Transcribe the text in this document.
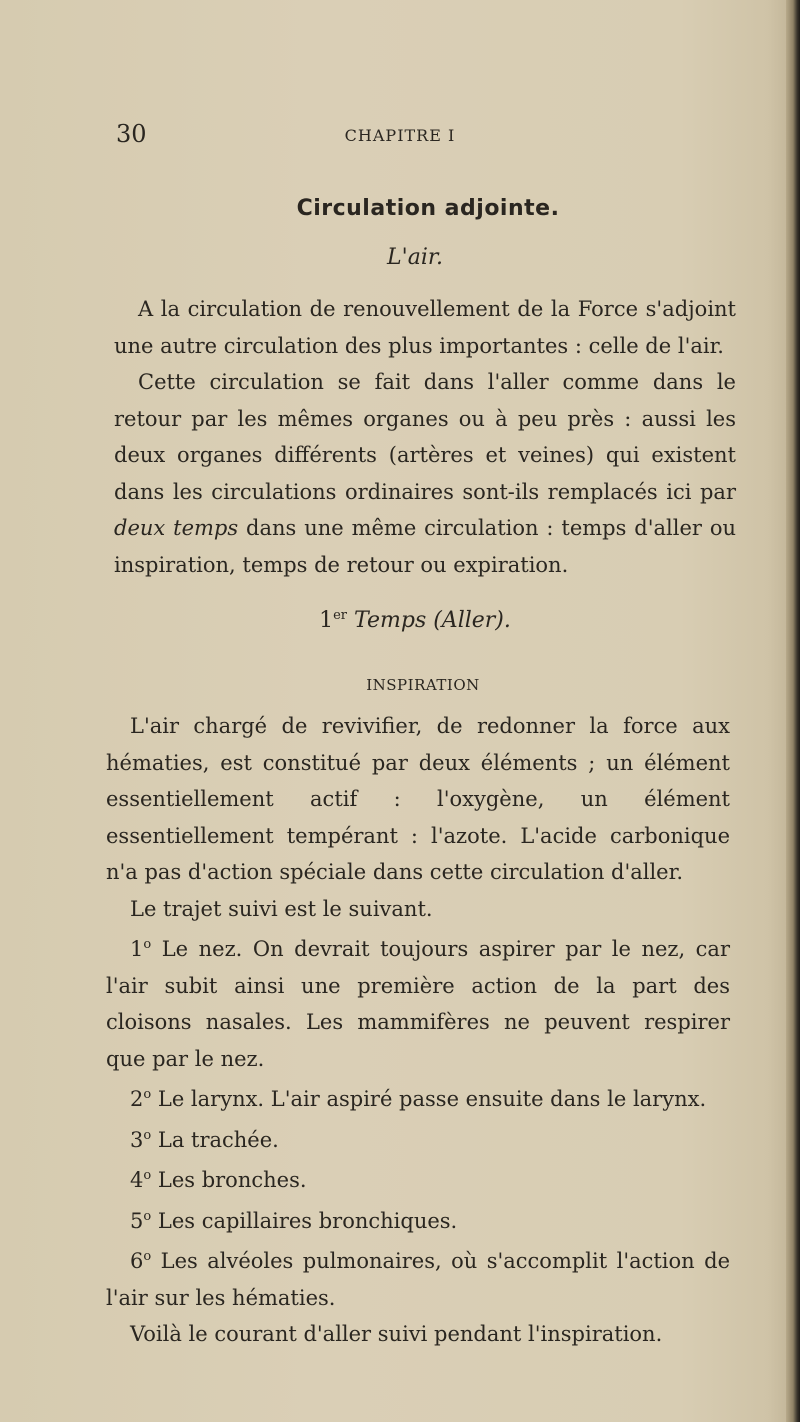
30	CHAPITRE I
Circulation adjointe.
L'air.

A la circulation de renouvellement de la Force s'adjoint une autre circulation des plus importantes : celle de l'air.

Cette circulation se fait dans l'aller comme dans le retour par les mêmes organes ou à peu près : aussi les deux organes différents (artères et veines) qui existent dans les circulations ordinaires sont-ils remplacés ici par deux temps dans une même circulation : temps d'aller ou inspiration, temps de retour ou expiration.

1er Temps (Aller).
INSPIRATION

L'air chargé de revivifier, de redonner la force aux hématies, est constitué par deux éléments ; un élément essentiellement actif : l'oxygène, un élément essentiellement tempérant : l'azote. L'acide carbonique n'a pas d'action spéciale dans cette circulation d'aller.

Le trajet suivi est le suivant.

1$^o$ Le nez. On devrait toujours aspirer par le nez, car l'air subit ainsi une première action de la part des cloisons nasales. Les mammifères ne peuvent respirer que par le nez.

2$^o$ Le larynx. L'air aspiré passe ensuite dans le larynx.

3$^o$ La trachée.

4$^o$ Les bronches.

5$^o$ Les capillaires bronchiques.

6$^o$ Les alvéoles pulmonaires, où s'accomplit l'action de l'air sur les hématies.

Voilà le courant d'aller suivi pendant l'inspiration.
